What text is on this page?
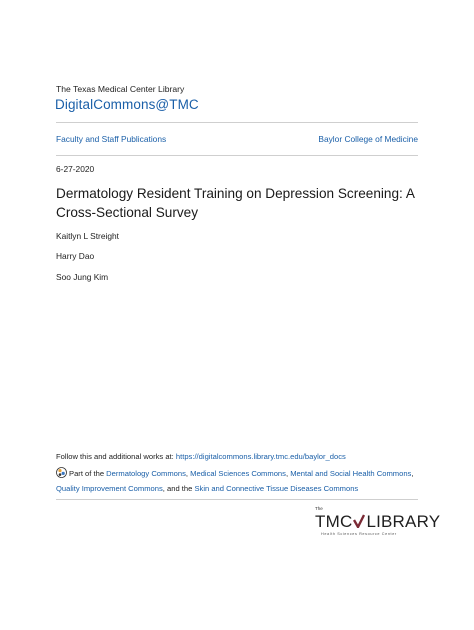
The Texas Medical Center Library
DigitalCommons@TMC
Faculty and Staff Publications	Baylor College of Medicine
6-27-2020
Dermatology Resident Training on Depression Screening: A Cross-Sectional Survey
Kaitlyn L Streight
Harry Dao
Soo Jung Kim
Follow this and additional works at: https://digitalcommons.library.tmc.edu/baylor_docs
Part of the Dermatology Commons, Medical Sciences Commons, Mental and Social Health Commons,
Quality Improvement Commons, and the Skin and Connective Tissue Diseases Commons
The
TMC LIBRARY
Health Sciences Resource Center
